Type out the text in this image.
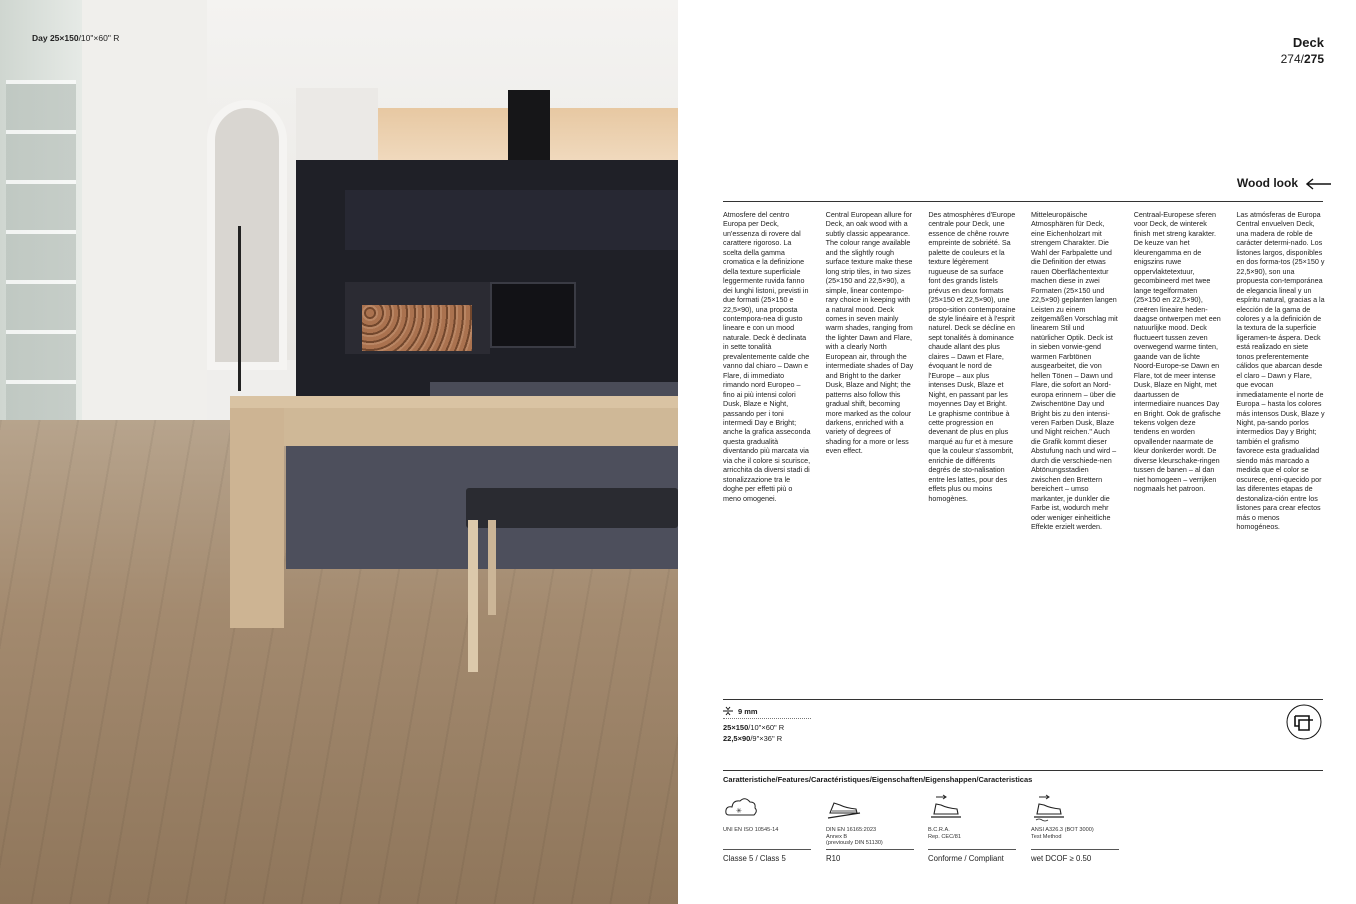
Day 25×150/10"×60" R	Deck
274/275
Wood look
Atmosfere del centro Europa per Deck, un'essenza di rovere dal carattere rigoroso. La scelta della gamma cromatica e la definizione della texture superficiale leggermente ruvida fanno dei lunghi listoni, previsti in due formati (25×150 e 22,5×90), una proposta contempora-nea di gusto lineare e con un mood naturale. Deck è declinata in sette tonalità prevalentemente calde che vanno dal chiaro – Dawn e Flare, di immediato rimando nord Europeo – fino ai più intensi colori Dusk, Blaze e Night, passando per i toni intermedi Day e Bright; anche la grafica asseconda questa gradualità diventando più marcata via via che il colore si scurisce, arricchita da diversi stadi di stonalizzazione tra le doghe per effetti più o meno omogenei.
Central European allure for Deck, an oak wood with a subtly classic appearance. The colour range available and the slightly rough surface texture make these long strip tiles, in two sizes (25×150 and 22,5×90), a simple, linear contempo-rary choice in keeping with a natural mood. Deck comes in seven mainly warm shades, ranging from the lighter Dawn and Flare, with a clearly North European air, through the intermediate shades of Day and Bright to the darker Dusk, Blaze and Night; the patterns also follow this gradual shift, becoming more marked as the colour darkens, enriched with a variety of degrees of shading for a more or less even effect.
Des atmosphères d'Europe centrale pour Deck, une essence de chêne rouvre empreinte de sobriété. Sa palette de couleurs et la texture légèrement rugueuse de sa surface font des grands listels prévus en deux formats (25×150 et 22,5×90), une propo-sition contemporaine de style linéaire et à l'esprit naturel. Deck se décline en sept tonalités à dominance chaude allant des plus claires – Dawn et Flare, évoquant le nord de l'Europe – aux plus intenses Dusk, Blaze et Night, en passant par les moyennes Day et Bright. Le graphisme contribue à cette progression en devenant de plus en plus marqué au fur et à mesure que la couleur s'assombrit, enrichie de différents degrés de sto-nalisation entre les lattes, pour des effets plus ou moins homogènes.
Mitteleuropäische Atmosphären für Deck, eine Eichenholzart mit strengem Charakter. Die Wahl der Farbpalette und die Definition der etwas rauen Oberflächentextur machen diese in zwei Formaten (25×150 und 22,5×90) geplanten langen Leisten zu einem zeitgemäßen Vorschlag mit linearem Stil und natürlicher Optik. Deck ist in sieben vorwie-gend warmen Farbtönen ausgearbeitet, die von hellen Tönen – Dawn und Flare, die sofort an Nord-europa erinnern – über die Zwischentöne Day und Bright bis zu den intensi-veren Farben Dusk, Blaze und Night reichen." Auch die Grafik kommt dieser Abstufung nach und wird – durch die verschiede-nen Abtönungsstadien zwischen den Brettern bereichert – umso markanter, je dunkler die Farbe ist, wodurch mehr oder weniger einheitliche Effekte erzielt werden.
Centraal-Europese sferen voor Deck, de winterek finish met streng karakter. De keuze van het kleurengamma en de enigszins ruwe oppervlaktetextuur, gecombineerd met twee lange tegelformaten (25×150 en 22,5×90), creëren lineaire heden-daagse ontwerpen met een natuurlijke mood. Deck fluctueert tussen zeven overwegend warme tinten, gaande van de lichte Noord-Europe-se Dawn en Flare, tot de meer intense Dusk, Blaze en Night, met daartussen de intermediaire nuances Day en Bright. Ook de grafische tekens volgen deze tendens en worden opvallender naarmate de kleur donkerder wordt. De diverse kleurschake-ringen tussen de banen – al dan niet homogeen – verrijken nogmaals het patroon.
Las atmósferas de Europa Central envuelven Deck, una madera de roble de carácter determi-nado. Los listones largos, disponibles en dos forma-tos (25×150 y 22,5×90), son una propuesta con-temporánea de elegancia lineal y un espíritu natural, gracias a la elección de la gama de colores y a la definición de la textura de la superficie ligeramen-te áspera. Deck está realizado en siete tonos preferentemente cálidos que abarcan desde el claro – Dawn y Flare, que evocan inmediatamente el norte de Europa – hasta los colores más intensos Dusk, Blaze y Night, pa-sando porlos intermedios Day y Bright; también el grafismo favorece esta gradualidad siendo más marcado a medida que el color se oscurece, enri-quecido por las diferentes etapas de destonaliza-ción entre los listones para crear efectos más o menos homogéneos.
9 mm
25×150/10"×60" R
22,5×90/9"×36" R
Caratteristiche/Features/Caractéristiques/Eigenschaften/Eigenshappen/Caracteristicas
✳
UNI EN ISO 10545-14
Classe 5 / Class 5
DIN EN 16165:2023
Annex B
(previously DIN 51130)
R10
B.C.R.A.
Rep. CEC/81
Conforme / Compliant
ANSI A326.3 (BOT 3000)
Test Method
wet DCOF ≥ 0.50
